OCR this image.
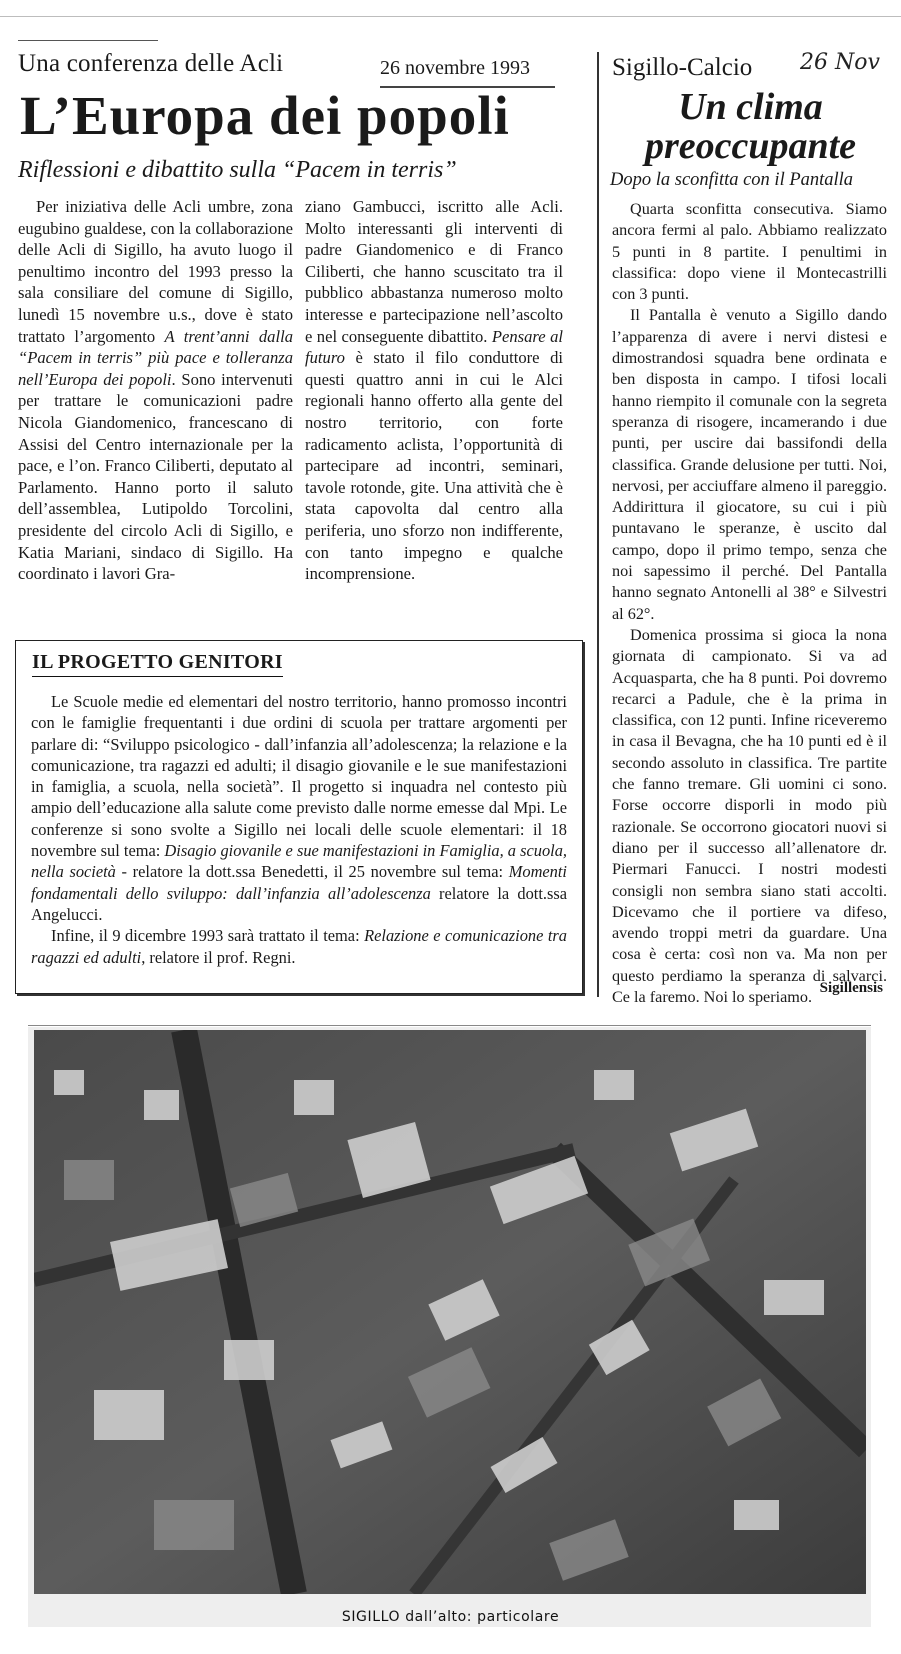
Una conferenza delle Acli	26 novembre 1993
L’Europa dei popoli
Riflessioni e dibattito sulla “Pacem in terris”

Per iniziativa delle Acli umbre, zona eugubino gualdese, con la collaborazione delle Acli di Sigillo, ha avuto luogo il penultimo incontro del 1993 presso la sala consiliare del comune di Sigillo, lunedì 15 novembre u.s., dove è stato trattato l’argomento A trent’anni dalla “Pacem in terris” più pace e tolleranza nell’Europa dei popoli. Sono intervenuti per trattare le comunicazioni padre Nicola Giandomenico, francescano di Assisi del Centro internazionale per la pace, e l’on. Franco Ciliberti, deputato al Parlamento. Hanno porto il saluto dell’assemblea, Lutipoldo Torcolini, presidente del circolo Acli di Sigillo, e Katia Mariani, sindaco di Sigillo. Ha coordinato i lavori Gra-

ziano Gambucci, iscritto alle Acli. Molto interessanti gli interventi di padre Giandomenico e di Franco Ciliberti, che hanno scuscitato tra il pubblico abbastanza numeroso molto interesse e partecipazione nell’ascolto e nel conseguente dibattito. Pensare al futuro è stato il filo conduttore di questi quattro anni in cui le Alci regionali hanno offerto alla gente del nostro territorio, con forte radicamento aclista, l’opportunità di partecipare ad incontri, seminari, tavole rotonde, gite. Una attività che è stata capovolta dal centro alla periferia, uno sforzo non indifferente, con tanto impegno e qualche incomprensione.

IL PROGETTO GENITORI

Le Scuole medie ed elementari del nostro territorio, hanno promosso incontri con le famiglie frequentanti i due ordini di scuola per trattare argomenti per parlare di: “Sviluppo psicologico - dall’infanzia all’adolescenza; la relazione e la comunicazione, tra ragazzi ed adulti; il disagio giovanile e le sue manifestazioni in famiglia, a scuola, nella società”. Il progetto si inquadra nel contesto più ampio dell’educazione alla salute come previsto dalle norme emesse dal Mpi. Le conferenze si sono svolte a Sigillo nei locali delle scuole elementari: il 18 novembre sul tema: Disagio giovanile e sue manifestazioni in Famiglia, a scuola, nella società - relatore la dott.ssa Benedetti, il 25 novembre sul tema: Momenti fondamentali dello sviluppo: dall’infanzia all’adolescenza relatore la dott.ssa Angelucci.

Infine, il 9 dicembre 1993 sarà trattato il tema: Relazione e comunicazione tra ragazzi ed adulti, relatore il prof. Regni.

Sigillo-Calcio 26 Nov
Un clima
preoccupante
Dopo la sconfitta con il Pantalla

Quarta sconfitta consecutiva. Siamo ancora fermi al palo. Abbiamo realizzato 5 punti in 8 partite. I penultimi in classifica: dopo viene il Montecastrilli con 3 punti.

Il Pantalla è venuto a Sigillo dando l’apparenza di avere i nervi distesi e dimostrandosi squadra bene ordinata e ben disposta in campo. I tifosi locali hanno riempito il comunale con la segreta speranza di risogere, incamerando i due punti, per uscire dai bassifondi della classifica. Grande delusione per tutti. Noi, nervosi, per acciuffare almeno il pareggio. Addirittura il giocatore, su cui i più puntavano le speranze, è uscito dal campo, dopo il primo tempo, senza che noi sapessimo il perché. Del Pantalla hanno segnato Antonelli al 38° e Silvestri al 62°.

Domenica prossima si gioca la nona giornata di campionato. Si va ad Acquasparta, che ha 8 punti. Poi dovremo recarci a Padule, che è la prima in classifica, con 12 punti. Infine riceveremo in casa il Bevagna, che ha 10 punti ed è il secondo assoluto in classifica. Tre partite che fanno tremare. Gli uomini ci sono. Forse occorre disporli in modo più razionale. Se occorrono giocatori nuovi si diano per il successo all’allenatore dr. Piermari Fanucci. I nostri modesti consigli non sembra siano stati accolti. Dicevamo che il portiere va difeso, avendo troppi metri da guardare. Una cosa è certa: così non va. Ma non per questo perdiamo la speranza di salvarci. Ce la faremo. Noi lo speriamo. Sigillensis
SIGILLO dall’alto: particolare
